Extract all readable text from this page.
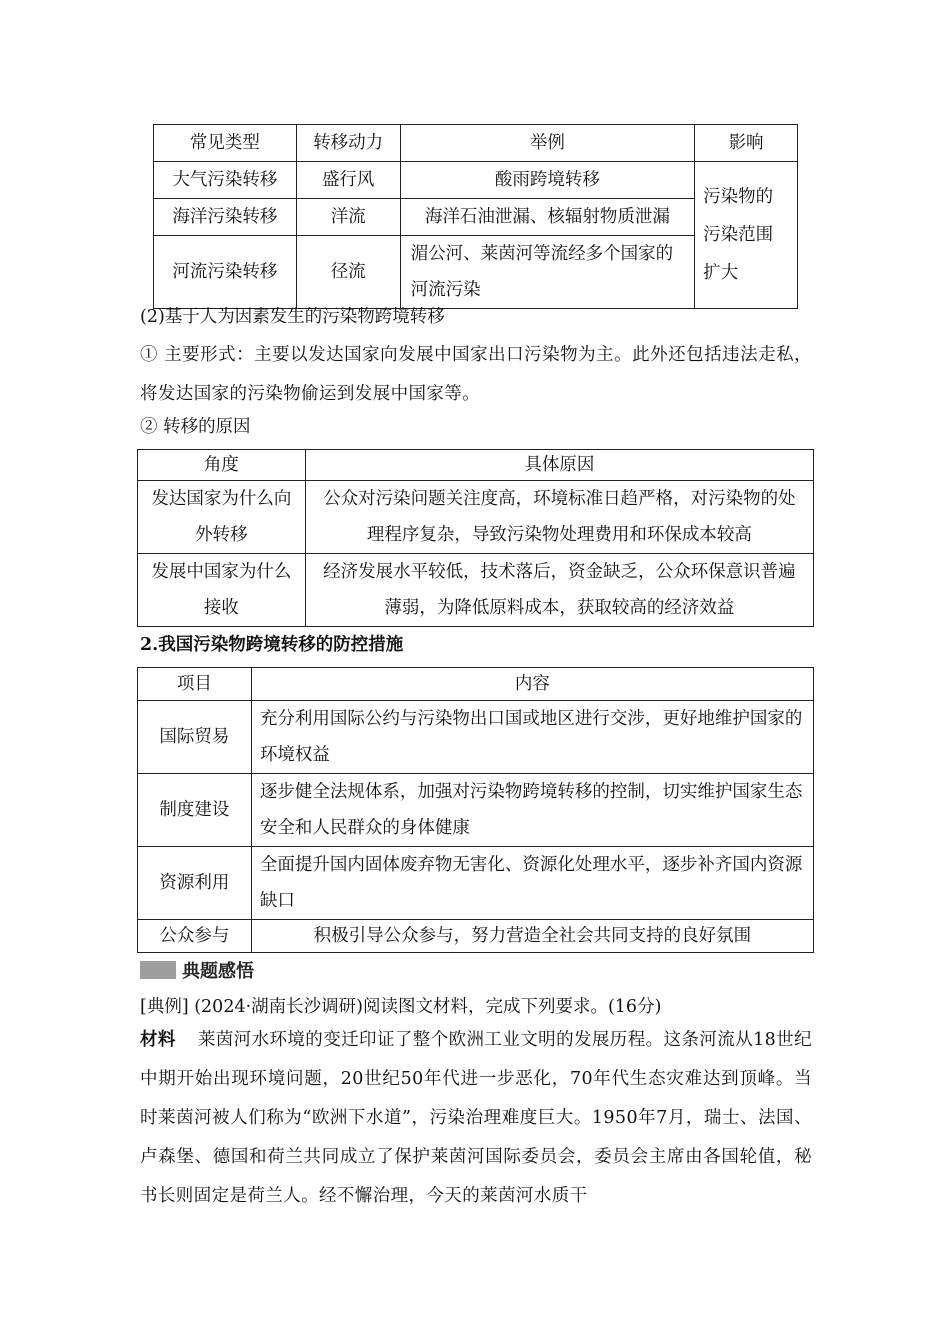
常见类型	转移动力	举例	影响
大气污染转移	盛行风	酸雨跨境转移	污染物的污染范围扩大
海洋污染转移	洋流	海洋石油泄漏、核辐射物质泄漏	
河流污染转移	径流	湄公河、莱茵河等流经多个国家的河流污染	
(2)基于人为因素发生的污染物跨境转移
① 主要形式：主要以发达国家向发展中国家出口污染物为主。此外还包括违法走私，将发达国家的污染物偷运到发展中国家等。
② 转移的原因
角度	具体原因
发达国家为什么向外转移	公众对污染问题关注度高，环境标准日趋严格，对污染物的处理程序复杂，导致污染物处理费用和环保成本较高
发展中国家为什么接收	经济发展水平较低，技术落后，资金缺乏，公众环保意识普遍薄弱，为降低原料成本，获取较高的经济效益
2.我国污染物跨境转移的防控措施
项目	内容
国际贸易	充分利用国际公约与污染物出口国或地区进行交涉，更好地维护国家的环境权益
制度建设	逐步健全法规体系，加强对污染物跨境转移的控制，切实维护国家生态安全和人民群众的身体健康
资源利用	全面提升国内固体废弃物无害化、资源化处理水平，逐步补齐国内资源缺口
公众参与	积极引导公众参与，努力营造全社会共同支持的良好氛围
典题感悟
[典例] (2024·湖南长沙调研)阅读图文材料，完成下列要求。(16分)
材料 莱茵河水环境的变迁印证了整个欧洲工业文明的发展历程。这条河流从18世纪中期开始出现环境问题，20世纪50年代进一步恶化，70年代生态灾难达到顶峰。当时莱茵河被人们称为“欧洲下水道”，污染治理难度巨大。1950年7月，瑞士、法国、卢森堡、德国和荷兰共同成立了保护莱茵河国际委员会，委员会主席由各国轮值，秘书长则固定是荷兰人。经不懈治理，今天的莱茵河水质干
